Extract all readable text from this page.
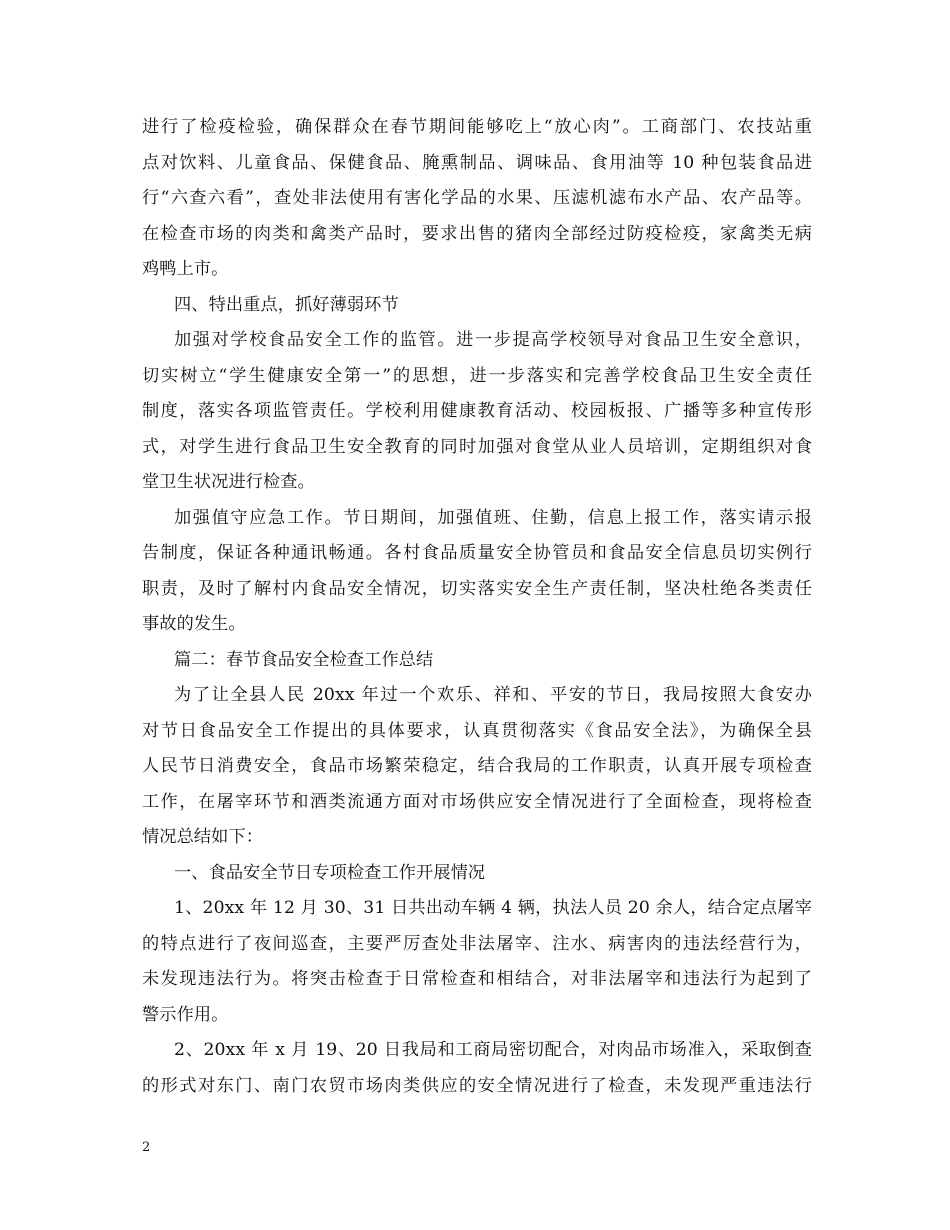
进行了检疫检验，确保群众在春节期间能够吃上“放心肉”。工商部门、农技站重
点对饮料、儿童食品、保健食品、腌熏制品、调味品、食用油等 10 种包装食品进
行“六查六看”，查处非法使用有害化学品的水果、压滤机滤布水产品、农产品等。
在检查市场的肉类和禽类产品时，要求出售的猪肉全部经过防疫检疫，家禽类无病
鸡鸭上市。
四、特出重点，抓好薄弱环节
加强对学校食品安全工作的监管。进一步提高学校领导对食品卫生安全意识，
切实树立“学生健康安全第一”的思想，进一步落实和完善学校食品卫生安全责任
制度，落实各项监管责任。学校利用健康教育活动、校园板报、广播等多种宣传形
式，对学生进行食品卫生安全教育的同时加强对食堂从业人员培训，定期组织对食
堂卫生状况进行检查。
加强值守应急工作。节日期间，加强值班、住勤，信息上报工作，落实请示报
告制度，保证各种通讯畅通。各村食品质量安全协管员和食品安全信息员切实例行
职责，及时了解村内食品安全情况，切实落实安全生产责任制，坚决杜绝各类责任
事故的发生。
篇二：春节食品安全检查工作总结
为了让全县人民 20xx 年过一个欢乐、祥和、平安的节日，我局按照大食安办
对节日食品安全工作提出的具体要求，认真贯彻落实《食品安全法》，为确保全县
人民节日消费安全，食品市场繁荣稳定，结合我局的工作职责，认真开展专项检查
工作，在屠宰环节和酒类流通方面对市场供应安全情况进行了全面检查，现将检查
情况总结如下：
一、食品安全节日专项检查工作开展情况
1、20xx 年 12 月 30、31 日共出动车辆 4 辆，执法人员 20 余人，结合定点屠宰
的特点进行了夜间巡查，主要严厉查处非法屠宰、注水、病害肉的违法经营行为，
未发现违法行为。将突击检查于日常检查和相结合，对非法屠宰和违法行为起到了
警示作用。
2、20xx 年 x 月 19、20 日我局和工商局密切配合，对肉品市场准入，采取倒查
的形式对东门、南门农贸市场肉类供应的安全情况进行了检查，未发现严重违法行
2
